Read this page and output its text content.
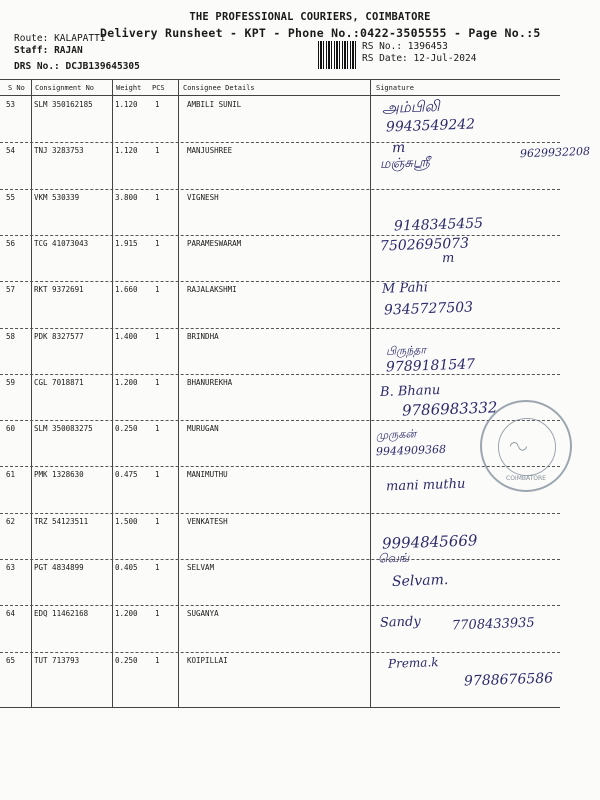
THE PROFESSIONAL COURIERS, COIMBATORE
Delivery Runsheet - KPT - Phone No.:0422-3505555 - Page No.:5
Route: KALAPATTI
Staff: RAJAN
DRS No.: DCJB139645305
RS No.: 1396453
RS Date: 12-Jul-2024
S No Consignment No	Weight PCS	Consignee Details	Signature
53	SLM 350162185	1.120 1	AMBILI SUNIL	அம்பிலி
9943549242
54	TNJ 3283753	1.120 1	MANJUSHREE	m
மஞ்சுஸ்ரீ
9629932208
55	VKM 530339	3.800 1	VIGNESH
9148345455
56	TCG 41073043	1.915 1	PARAMESWARAM	7502695073
m
57	RKT 9372691	1.660 1	RAJALAKSHMI	M Pahi
9345727503
58	PDK 8327577	1.400 1	BRINDHA
பிருந்தா
9789181547
59	CGL 7018871	1.200 1	BHANUREKHA
B. Bhanu
9786983332
60	SLM 350083275	0.250 1	MURUGAN	முருகன்
9944909368
61	PMK 1328630	0.475 1	MANIMUTHU
mani muthu
62	TRZ 54123511	1.500 1	VENKATESH
9994845669
வெங்
63	PGT 4834899	0.405 1	SELVAM
Selvam.
64	EDQ 11462168	1.200 1	SUGANYA
Sandy 7708433935
65	TUT 713793	0.250 1	KOIPILLAI	Prema.k
9788676586
◠◡
COIMBATORE
